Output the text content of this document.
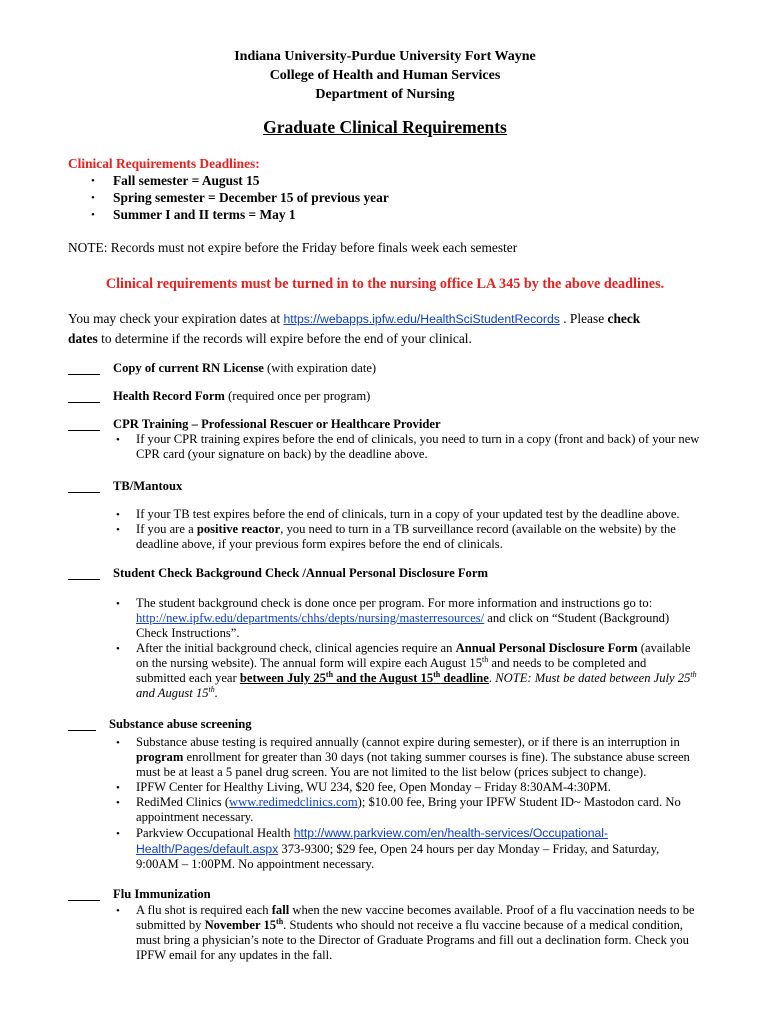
Indiana University-Purdue University Fort Wayne
College of Health and Human Services
Department of Nursing
Graduate Clinical Requirements
Clinical Requirements Deadlines:
• Fall semester = August 15
• Spring semester = December 15 of previous year
• Summer I and II terms = May 1
NOTE: Records must not expire before the Friday before finals week each semester
Clinical requirements must be turned in to the nursing office LA 345 by the above deadlines.
You may check your expiration dates at https://webapps.ipfw.edu/HealthSciStudentRecords . Please check
dates to determine if the records will expire before the end of your clinical.
Copy of current RN License (with expiration date)
Health Record Form (required once per program)
CPR Training – Professional Rescuer or Healthcare Provider
• If your CPR training expires before the end of clinicals, you need to turn in a copy (front and back) of your new
CPR card (your signature on back) by the deadline above.
TB/Mantoux
• If your TB test expires before the end of clinicals, turn in a copy of your updated test by the deadline above.
• If you are a positive reactor, you need to turn in a TB surveillance record (available on the website) by the
deadline above, if your previous form expires before the end of clinicals.
Student Check Background Check /Annual Personal Disclosure Form
• The student background check is done once per program. For more information and instructions go to:
http://new.ipfw.edu/departments/chhs/depts/nursing/masterresources/ and click on “Student (Background)
Check Instructions”.
• After the initial background check, clinical agencies require an Annual Personal Disclosure Form (available
on the nursing website). The annual form will expire each August 15th and needs to be completed and
submitted each year between July 25th and the August 15th deadline. NOTE: Must be dated between July 25th
and August 15th.
Substance abuse screening
• Substance abuse testing is required annually (cannot expire during semester), or if there is an interruption in
program enrollment for greater than 30 days (not taking summer courses is fine). The substance abuse screen
must be at least a 5 panel drug screen. You are not limited to the list below (prices subject to change).
• IPFW Center for Healthy Living, WU 234, $20 fee, Open Monday – Friday 8:30AM-4:30PM.
• RediMed Clinics (www.redimedclinics.com); $10.00 fee, Bring your IPFW Student ID~ Mastodon card. No
appointment necessary.
• Parkview Occupational Health http://www.parkview.com/en/health-services/Occupational-
Health/Pages/default.aspx 373-9300; $29 fee, Open 24 hours per day Monday – Friday, and Saturday,
9:00AM – 1:00PM. No appointment necessary.
Flu Immunization
• A flu shot is required each fall when the new vaccine becomes available. Proof of a flu vaccination needs to be
submitted by November 15th. Students who should not receive a flu vaccine because of a medical condition,
must bring a physician’s note to the Director of Graduate Programs and fill out a declination form. Check you
IPFW email for any updates in the fall.
